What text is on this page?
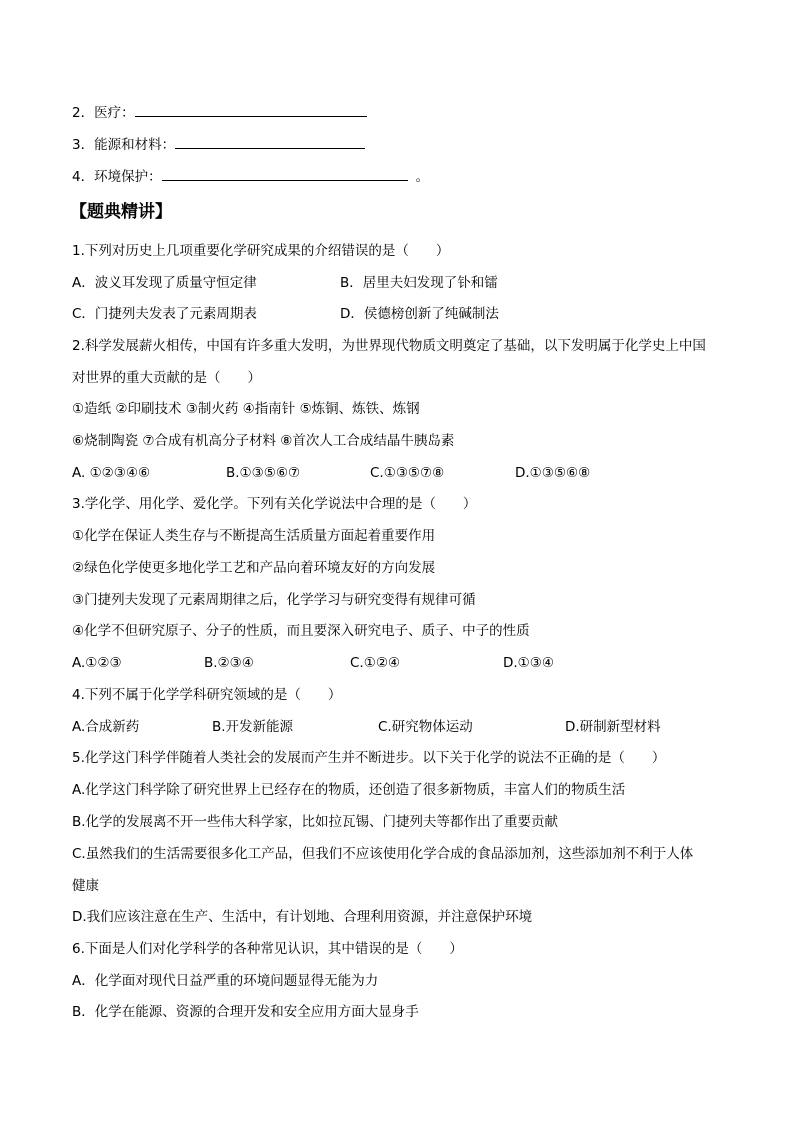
2．医疗：
3．能源和材料：
4．环境保护：	。
【题典精讲】
1.下列对历史上几项重要化学研究成果的介绍错误的是（　　）
A．波义耳发现了质量守恒定律	B．居里夫妇发现了钋和镭
C．门捷列夫发表了元素周期表	D．侯德榜创新了纯碱制法
2.科学发展薪火相传，中国有许多重大发明，为世界现代物质文明奠定了基础，以下发明属于化学史上中国
对世界的重大贡献的是（　　）
①造纸 ②印刷技术 ③制火药 ④指南针 ⑤炼铜、炼铁、炼钢
⑥烧制陶瓷 ⑦合成有机高分子材料 ⑧首次人工合成结晶牛胰岛素
A. ①②③④⑥	B.①③⑤⑥⑦	C.①③⑤⑦⑧	D.①③⑤⑥⑧
3.学化学、用化学、爱化学。下列有关化学说法中合理的是（　　）
①化学在保证人类生存与不断提高生活质量方面起着重要作用
②绿色化学使更多地化学工艺和产品向着环境友好的方向发展
③门捷列夫发现了元素周期律之后，化学学习与研究变得有规律可循
④化学不但研究原子、分子的性质，而且要深入研究电子、质子、中子的性质
A.①②③	B.②③④	C.①②④	D.①③④
4.下列不属于化学学科研究领域的是（　　）
A.合成新药	B.开发新能源	C.研究物体运动	D.研制新型材料
5.化学这门科学伴随着人类社会的发展而产生并不断进步。以下关于化学的说法不正确的是（　　）
A.化学这门科学除了研究世界上已经存在的物质，还创造了很多新物质，丰富人们的物质生活
B.化学的发展离不开一些伟大科学家，比如拉瓦锡、门捷列夫等都作出了重要贡献
C.虽然我们的生活需要很多化工产品，但我们不应该使用化学合成的食品添加剂，这些添加剂不利于人体
健康
D.我们应该注意在生产、生活中，有计划地、合理利用资源，并注意保护环境
6.下面是人们对化学科学的各种常见认识，其中错误的是（　　）
A．化学面对现代日益严重的环境问题显得无能为力
B．化学在能源、资源的合理开发和安全应用方面大显身手
